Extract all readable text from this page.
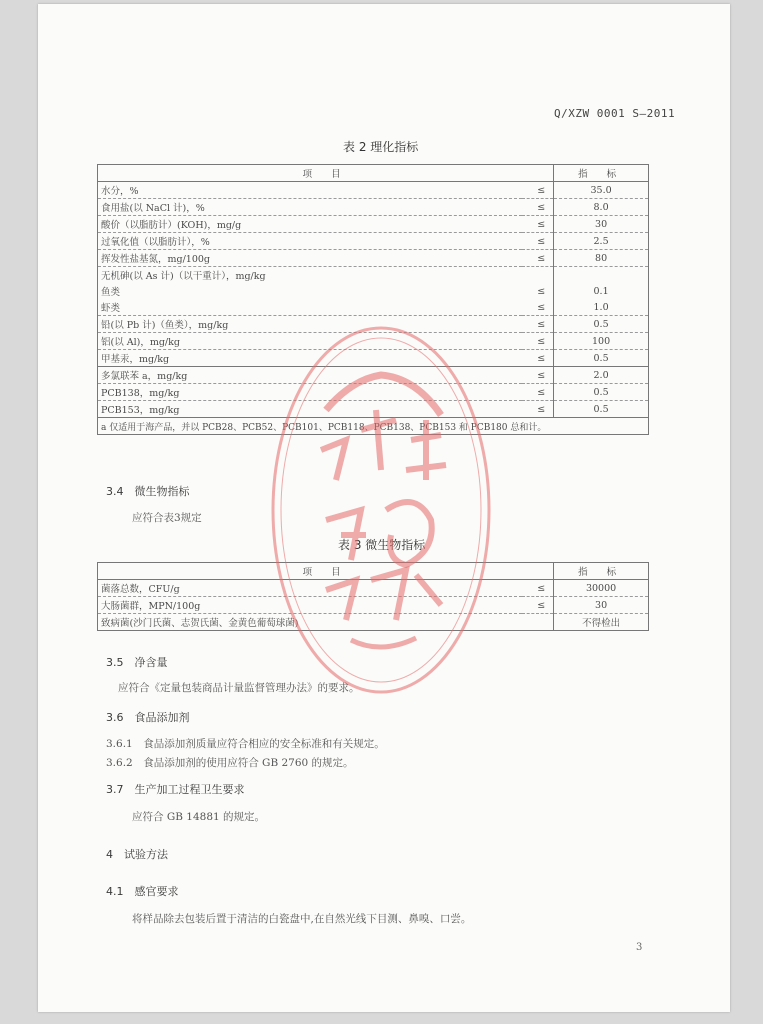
Q/XZW 0001 S—2011
表 2 理化指标
项 目		指 标
水分，%	≤	35.0
食用盐(以 NaCl 计)，%	≤	8.0
酸价（以脂肪计）(KOH)，mg/g	≤	30
过氧化值（以脂肪计），%	≤	2.5
挥发性盐基氮，mg/100g	≤	80
无机砷(以 As 计)（以干重计），mg/kg		
鱼类	≤	0.1
虾类	≤	1.0
铅(以 Pb 计)（鱼类），mg/kg	≤	0.5
铝(以 Al)，mg/kg	≤	100
甲基汞，mg/kg	≤	0.5
多氯联苯 a，mg/kg	≤	2.0
PCB138，mg/kg	≤	0.5
PCB153，mg/kg	≤	0.5
a 仅适用于海产品，并以 PCB28、PCB52、PCB101、PCB118、PCB138、PCB153 和 PCB180 总和计。		
3.4　微生物指标
应符合表3规定
表 3 微生物指标
项 目		指 标
菌落总数，CFU/g	≤	30000
大肠菌群，MPN/100g	≤	30
致病菌(沙门氏菌、志贺氏菌、金黄色葡萄球菌)		不得检出
3.5　净含量
应符合《定量包装商品计量监督管理办法》的要求。
3.6　食品添加剂
3.6.1　食品添加剂质量应符合相应的安全标准和有关规定。
3.6.2　食品添加剂的使用应符合 GB 2760 的规定。
3.7　生产加工过程卫生要求
应符合 GB 14881 的规定。
4　试验方法
4.1　感官要求
将样品除去包装后置于清洁的白瓷盘中,在自然光线下目测、鼻嗅、口尝。
3
